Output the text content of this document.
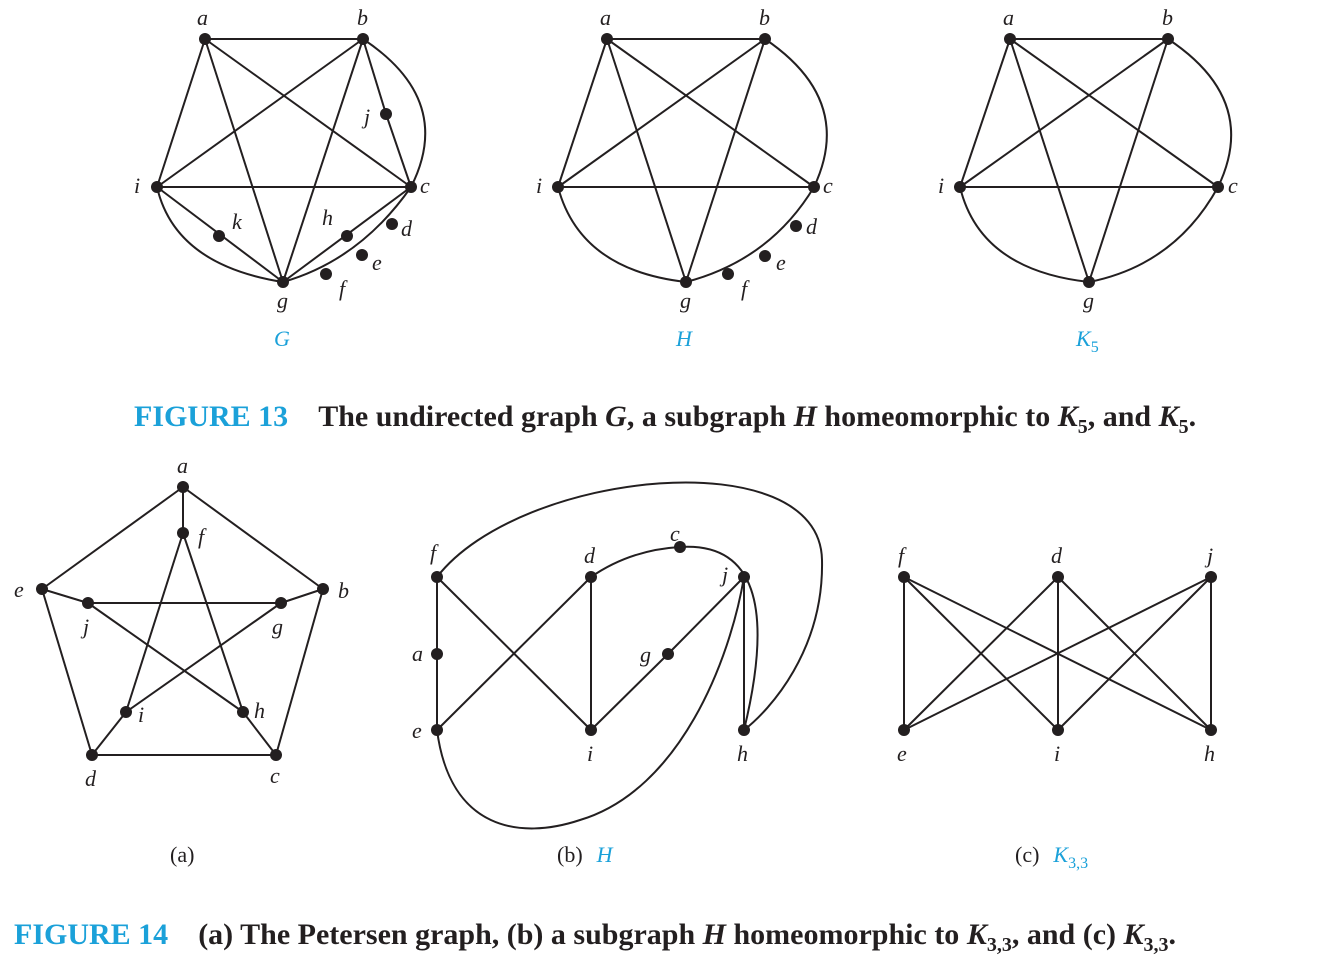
a	b
c
d
e
f
g
h
i
j
k
G
a	b
c
d
e
f
g
i
H
a	b
c
g
i
K5
FIGURE 13 The undirected graph G, a subgraph H homeomorphic to K5, and K5.
a
b
c
d
e
f
g
h
i
j
(a)
a
c
d
e
f
g
h
i
j
(b) H
d
e
f
h
i
j
(c) K3,3
FIGURE 14 (a) The Petersen graph, (b) a subgraph H homeomorphic to K3,3, and (c) K3,3.
